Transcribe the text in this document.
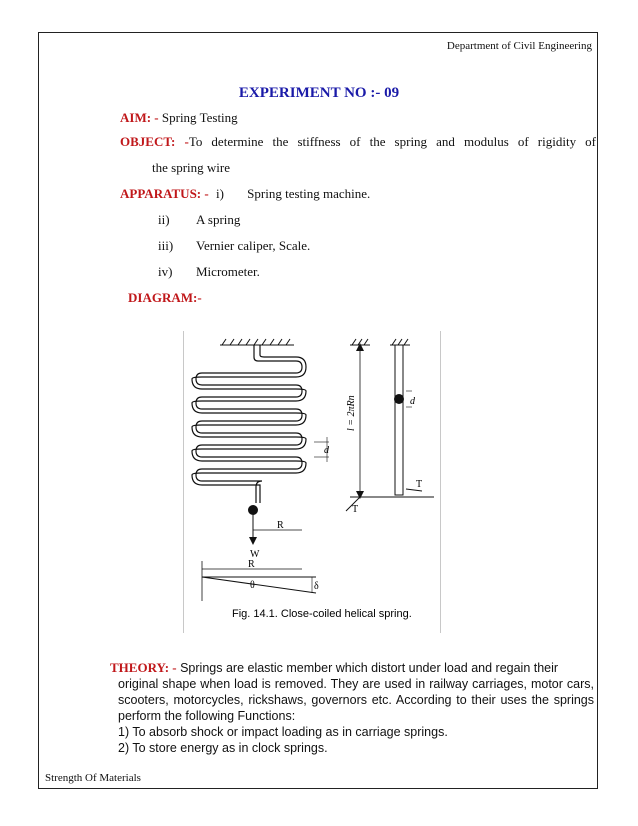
Department of Civil Engineering
EXPERIMENT NO :- 09
AIM: - Spring Testing
OBJECT: -To determine the stiffness of the spring and modulus of rigidity of
the spring wire
APPARATUS: - i) Spring testing machine.
ii) A spring
iii) Vernier caliper, Scale.
iv) Micrometer.
DIAGRAM:-
W
R
d
R
θ	δ
Fig. 14.1. Close-coiled helical spring.
l = 2πRn	d
T
T

THEORY: - Springs are elastic member which distort under load and regain their

original shape when load is removed. They are used in railway carriages, motor cars, scooters, motorcycles, rickshaws, governors etc. According to their uses the springs perform the following Functions:

1) To absorb shock or impact loading as in carriage springs.

2) To store energy as in clock springs.

Strength Of Materials
